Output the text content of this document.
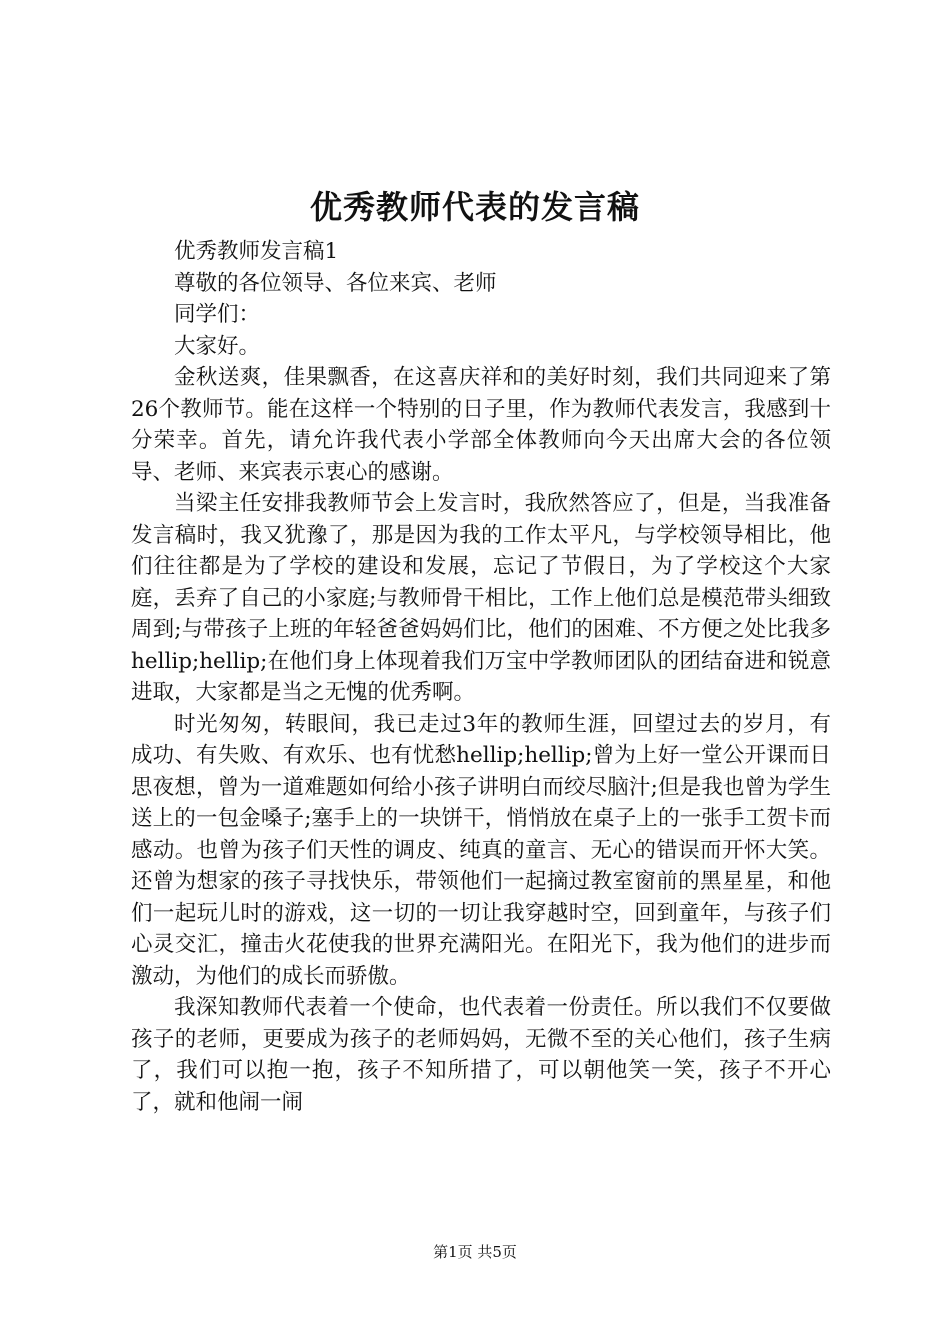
优秀教师代表的发言稿

优秀教师发言稿1

尊敬的各位领导、各位来宾、老师

同学们：

大家好。

金秋送爽，佳果飘香，在这喜庆祥和的美好时刻，我们共同迎来了第26个教师节。能在这样一个特别的日子里，作为教师代表发言，我感到十分荣幸。首先，请允许我代表小学部全体教师向今天出席大会的各位领导、老师、来宾表示衷心的感谢。

当梁主任安排我教师节会上发言时，我欣然答应了，但是，当我准备发言稿时，我又犹豫了，那是因为我的工作太平凡，与学校领导相比，他们往往都是为了学校的建设和发展，忘记了节假日，为了学校这个大家庭，丢弃了自己的小家庭;与教师骨干相比，工作上他们总是模范带头细致周到;与带孩子上班的年轻爸爸妈妈们比，他们的困难、不方便之处比我多hellip;hellip;在他们身上体现着我们万宝中学教师团队的团结奋进和锐意进取，大家都是当之无愧的优秀啊。

时光匆匆，转眼间，我已走过3年的教师生涯，回望过去的岁月，有成功、有失败、有欢乐、也有忧愁hellip;hellip;曾为上好一堂公开课而日思夜想，曾为一道难题如何给小孩子讲明白而绞尽脑汁;但是我也曾为学生送上的一包金嗓子;塞手上的一块饼干，悄悄放在桌子上的一张手工贺卡而感动。也曾为孩子们天性的调皮、纯真的童言、无心的错误而开怀大笑。还曾为想家的孩子寻找快乐，带领他们一起摘过教室窗前的黑星星，和他们一起玩儿时的游戏，这一切的一切让我穿越时空，回到童年，与孩子们心灵交汇，撞击火花使我的世界充满阳光。在阳光下，我为他们的进步而激动，为他们的成长而骄傲。

我深知教师代表着一个使命，也代表着一份责任。所以我们不仅要做孩子的老师，更要成为孩子的老师妈妈，无微不至的关心他们，孩子生病了，我们可以抱一抱，孩子不知所措了，可以朝他笑一笑，孩子不开心了，就和他闹一闹

第1页 共5页
